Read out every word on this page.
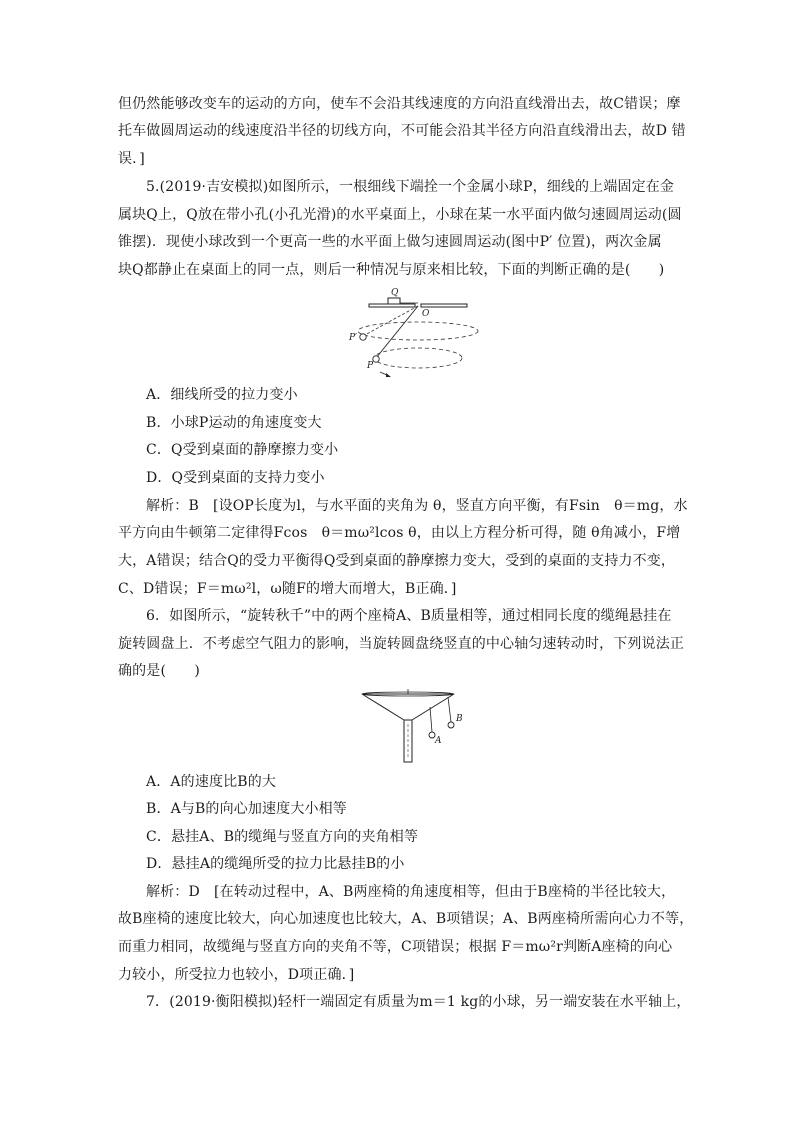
但仍然能够改变车的运动的方向，使车不会沿其线速度的方向沿直线滑出去，故C错误；摩
托车做圆周运动的线速度沿半径的切线方向，不可能会沿其半径方向沿直线滑出去，故D 错
误．]
5.(2019·吉安模拟)如图所示，一根细线下端拴一个金属小球P，细线的上端固定在金
属块Q上，Q放在带小孔(小孔光滑)的水平桌面上，小球在某一水平面内做匀速圆周运动(圆
锥摆)．现使小球改到一个更高一些的水平面上做匀速圆周运动(图中P′ 位置)，两次金属
块Q都静止在桌面上的同一点，则后一种情况与原来相比较，下面的判断正确的是(　　)
Q
O
P′
P
A．细线所受的拉力变小
B．小球P运动的角速度变大
C．Q受到桌面的静摩擦力变小
D．Q受到桌面的支持力变小
解析：B　[设OP长度为l，与水平面的夹角为 θ，竖直方向平衡，有Fsin　θ＝mg，水
平方向由牛顿第二定律得Fcos　θ＝mω²lcos θ，由以上方程分析可得，随 θ角减小，F增
大，A错误；结合Q的受力平衡得Q受到桌面的静摩擦力变大，受到的桌面的支持力不变，
C、D错误；F＝mω²l，ω随F的增大而增大，B正确．]
6．如图所示，“旋转秋千”中的两个座椅A、B质量相等，通过相同长度的缆绳悬挂在
旋转圆盘上．不考虑空气阻力的影响，当旋转圆盘绕竖直的中心轴匀速转动时，下列说法正
确的是(　　)
A
B
A．A的速度比B的大
B．A与B的向心加速度大小相等
C．悬挂A、B的缆绳与竖直方向的夹角相等
D．悬挂A的缆绳所受的拉力比悬挂B的小
解析：D　[在转动过程中，A、B两座椅的角速度相等，但由于B座椅的半径比较大，
故B座椅的速度比较大，向心加速度也比较大，A、B项错误；A、B两座椅所需向心力不等，
而重力相同，故缆绳与竖直方向的夹角不等，C项错误；根据 F＝mω²r判断A座椅的向心
力较小，所受拉力也较小，D项正确．]
7．(2019·衡阳模拟)轻杆一端固定有质量为m＝1 kg的小球，另一端安装在水平轴上，
